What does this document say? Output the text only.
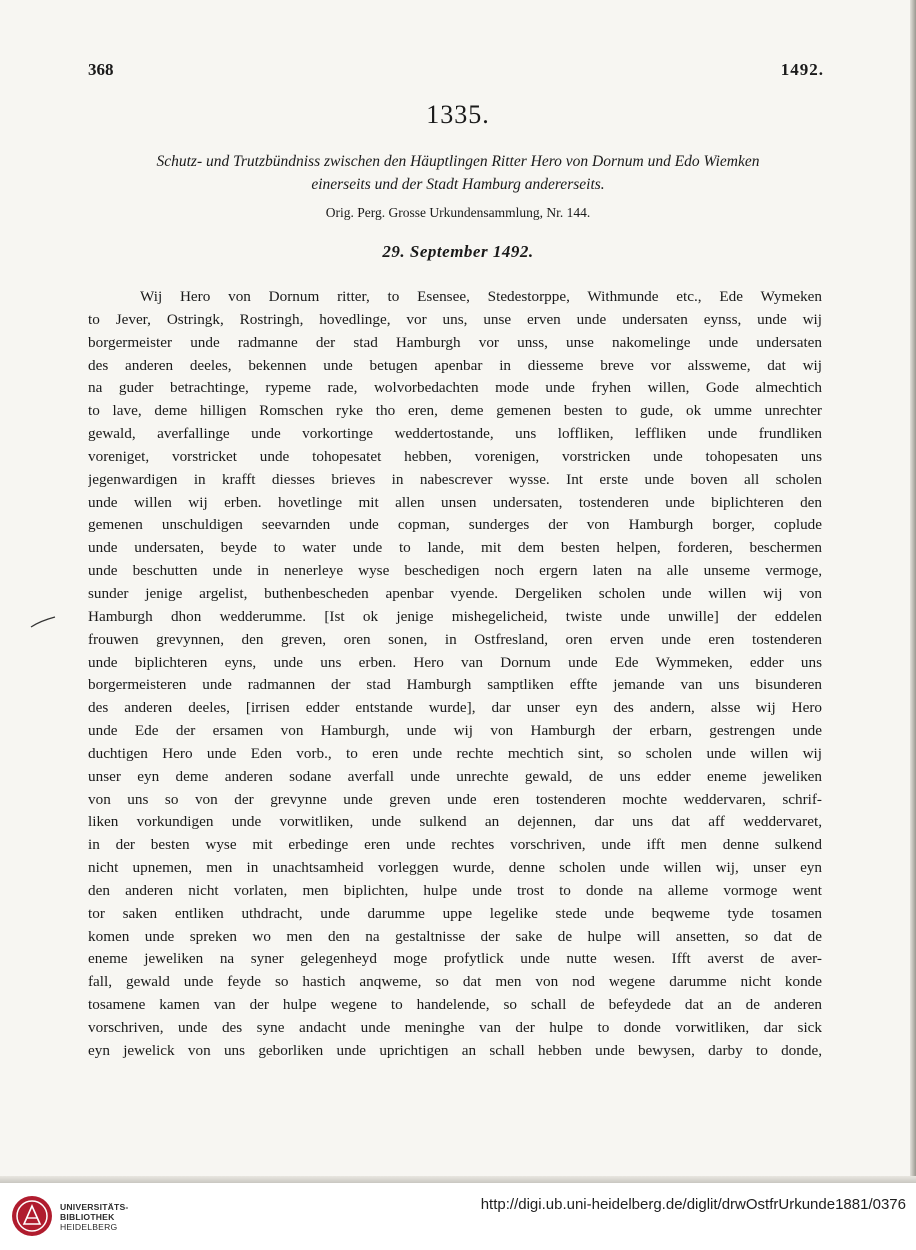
368	1492.
1335.
Schutz- und Trutzbündniss zwischen den Häuptlingen Ritter Hero von Dornum und Edo Wiemken
einerseits und der Stadt Hamburg andererseits.
Orig. Perg. Grosse Urkundensammlung, Nr. 144.
29. September 1492.
Wij Hero von Dornum ritter, to Esensee, Stedestorppe, Withmunde etc., Ede Wymeken
to Jever, Ostringk, Rostringh, hovedlinge, vor uns, unse erven unde undersaten eynss, unde wij
borgermeister unde radmanne der stad Hamburgh vor unss, unse nakomelinge unde undersaten
des anderen deeles, bekennen unde betugen apenbar in diesseme breve vor alssweme, dat wij
na guder betrachtinge, rypeme rade, wolvorbedachten mode unde fryhen willen, Gode almechtich
to lave, deme hilligen Romschen ryke tho eren, deme gemenen besten to gude, ok umme unrechter
gewald, averfallinge unde vorkortinge weddertostande, uns lofflikеn, leffliken unde frundliken
voreniget, vorstricket unde tohopesatet hebben, vorenigen, vorstricken unde tohopesaten uns
jegenwardigen in krafft diesses brieves in nabescrever wysse. Int erste unde boven all scholen
unde willen wij erben. hovetlinge mit allen unsen undersaten, tostenderen unde biplichteren den
gemenen unschuldigen seevarnden unde copman, sunderges der von Hamburgh borger, coplude
unde undersaten, beyde to water unde to lande, mit dem besten helpen, forderen, beschermen
unde beschutten unde in nenerleye wyse beschedigen noch ergern laten na alle unseme vermoge,
sunder jenige argelist, buthenbescheden apenbar vyende. Dergeliken scholen unde willen wij von
Hamburgh dhon wedderumme. [Ist ok jenige mishegelicheid, twiste unde unwille] der eddelen
frouwen grevynnen, den greven, oren sonen, in Ostfresland, oren erven unde eren tostenderen
unde biplichteren eyns, unde uns erben. Hero van Dornum unde Ede Wymmeken, edder uns
borgermeisteren unde radmannen der stad Hamburgh samptliken effte jemande van uns bisunderen
des anderen deeles, [irrisen edder entstande wurde], dar unser eyn des andern, alsse wij Hero
unde Ede der ersamen von Hamburgh, unde wij von Hamburgh der erbarn, gestrengen unde
duchtigen Hero unde Eden vorb., to eren unde rechte mechtich sint, so scholen unde willen wij
unser eyn deme anderen sodane averfall unde unrechte gewald, de uns edder eneme jeweliken
von uns so von der grevynne unde greven unde eren tostenderen mochte weddervaren, schrif-
liken vorkundigen unde vorwitliken, unde sulkend an dejennen, dar uns dat aff weddervaret,
in der besten wyse mit erbedinge eren unde rechtes vorschriven, unde ifft men denne sulkend
nicht upnemen, men in unachtsamheid vorleggen wurde, denne scholen unde willen wij, unser eyn
den anderen nicht vorlaten, men biplichten, hulpe unde trost to donde na alleme vormoge went
tor saken entliken uthdracht, unde darumme uppe legelike stede unde beqweme tyde tosamen
komen unde spreken wo men den na gestaltnisse der sake de hulpe will ansetten, so dat de
eneme jeweliken na syner gelegenheyd moge profytlick unde nutte wesen. Ifft averst de aver-
fall, gewald unde feyde so hastich anqweme, so dat men von nod wegene darumme nicht konde
tosamene kamen van der hulpe wegene to handelende, so schall de befeydede dat an de anderen
vorschriven, unde des syne andacht unde meninghe van der hulpe to donde vorwitliken, dar sick
eyn jewelick von uns geborliken unde uprichtigen an schall hebben unde bewysen, darby to donde,
UNIVERSITÄTS-
BIBLIOTHEK
HEIDELBERG
http://digi.ub.uni-heidelberg.de/diglit/drwOstfrUrkunde1881/0376
